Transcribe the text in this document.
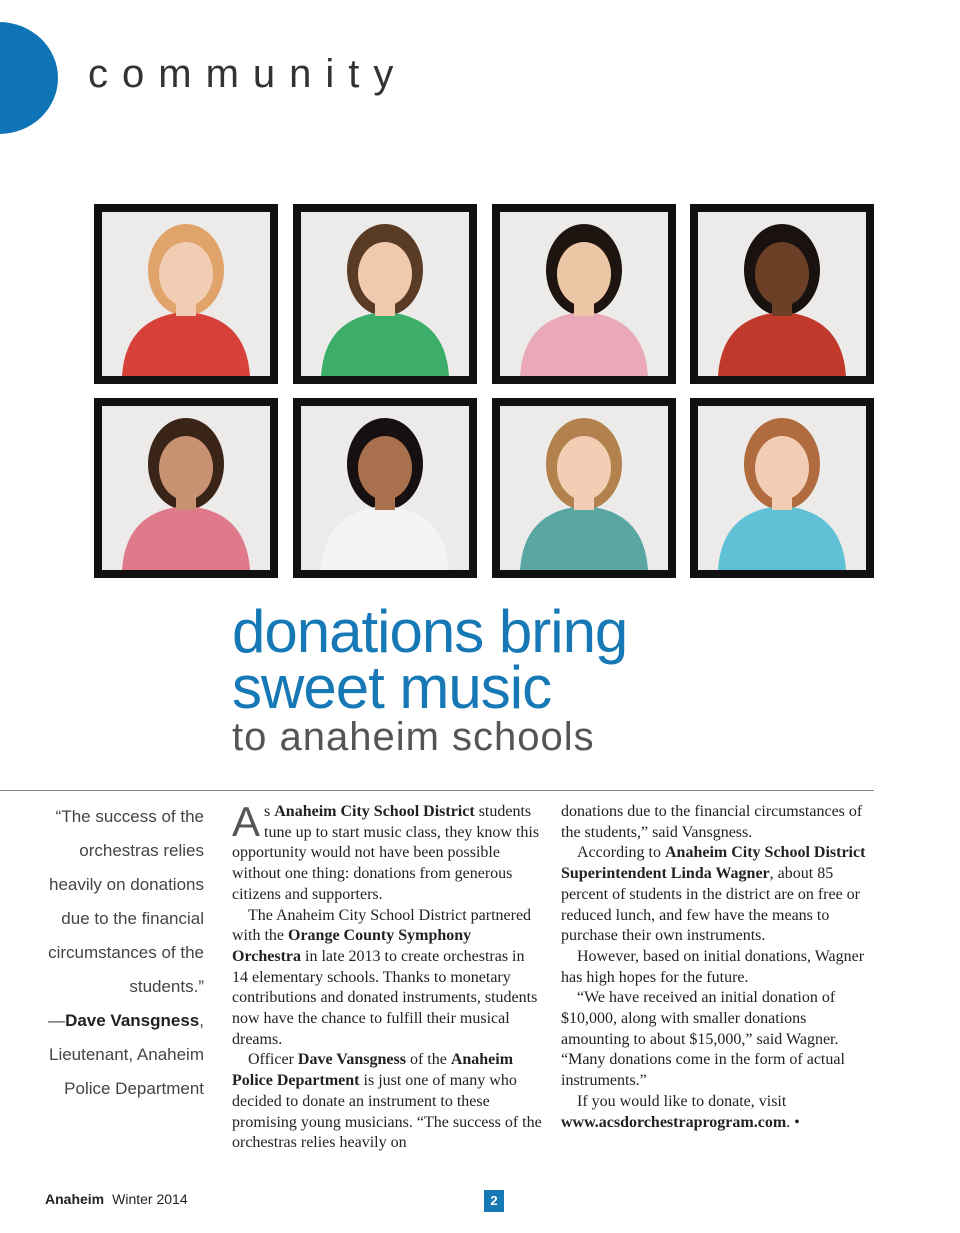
community
donations bring
sweet music
to anaheim schools
“The success of the orchestras relies heavily on donations due to the financial circumstances of the students.”
—Dave Vansgness, Lieutenant, Anaheim Police Department

As Anaheim City School District students tune up to start music class, they know this opportunity would not have been possible without one thing: donations from generous citizens and supporters.

The Anaheim City School District partnered with the Orange County Symphony Orchestra in late 2013 to create orchestras in 14 elementary schools. Thanks to monetary contributions and donated instruments, students now have the chance to fulfill their musical dreams.

Officer Dave Vansgness of the Anaheim Police Department is just one of many who decided to donate an instrument to these promising young musicians. “The success of the orchestras relies heavily on

donations due to the financial circumstances of the students,” said Vansgness.

According to Anaheim City School District Superintendent Linda Wagner, about 85 percent of students in the district are on free or reduced lunch, and few have the means to purchase their own instruments.

However, based on initial donations, Wagner has high hopes for the future.

“We have received an initial donation of $10,000, along with smaller donations amounting to about $15,000,” said Wagner. “Many donations come in the form of actual instruments.”

If you would like to donate, visit www.acsdorchestraprogram.com. •

Anaheim Winter 2014	2
